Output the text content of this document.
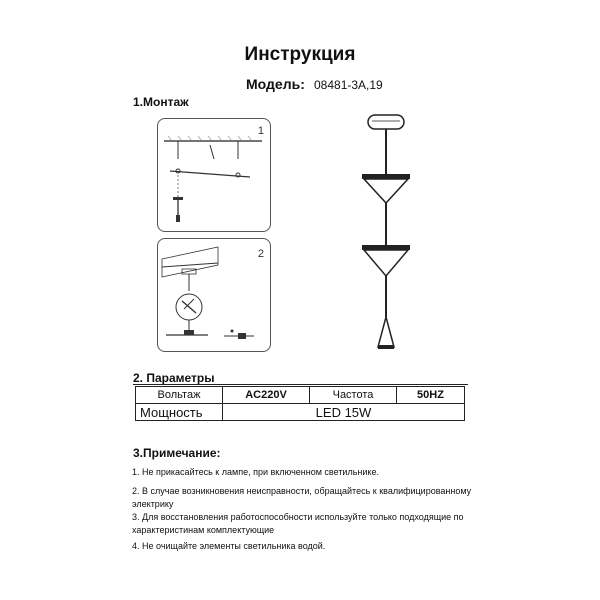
Инструкция
Модель: 08481-3A,19
1.Монтаж
1
2
2. Параметры
Вольтаж	AC220V	Частота	50HZ
Мощность	LED 15W		
3.Примечание:
1. Не прикасайтесь к лампе, при включенном светильнике.
2. В случае возникновения неисправности, обращайтесь к квалифицированному электрику
3. Для восстановления работоспособности используйте только подходящие по характеристинам комплектующие
4. Не очищайте элементы светильника водой.
